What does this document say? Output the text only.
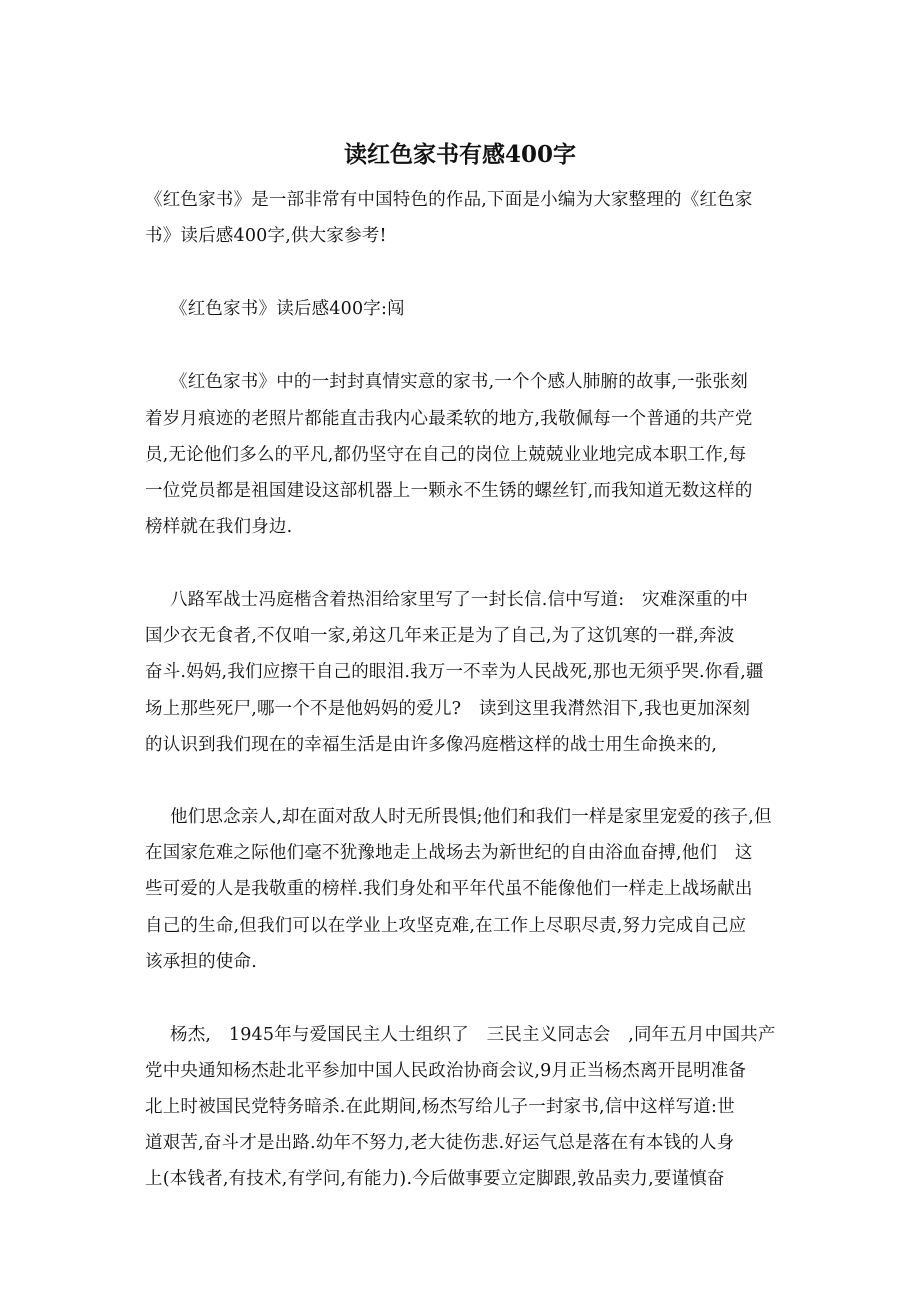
读红色家书有感400字
《红色家书》是一部非常有中国特色的作品,下面是小编为大家整理的《红色家
书》读后感400字,供大家参考!
《红色家书》读后感400字:闯
《红色家书》中的一封封真情实意的家书,一个个感人肺腑的故事,一张张刻
着岁月痕迹的老照片都能直击我内心最柔软的地方,我敬佩每一个普通的共产党
员,无论他们多么的平凡,都仍坚守在自己的岗位上兢兢业业地完成本职工作,每
一位党员都是祖国建设这部机器上一颗永不生锈的螺丝钉,而我知道无数这样的
榜样就在我们身边.
八路军战士冯庭楷含着热泪给家里写了一封长信.信中写道:　灾难深重的中
国少衣无食者,不仅咱一家,弟这几年来正是为了自己,为了这饥寒的一群,奔波
奋斗.妈妈,我们应擦干自己的眼泪.我万一不幸为人民战死,那也无须乎哭.你看,疆
场上那些死尸,哪一个不是他妈妈的爱儿?　读到这里我潸然泪下,我也更加深刻
的认识到我们现在的幸福生活是由许多像冯庭楷这样的战士用生命换来的,
他们思念亲人,却在面对敌人时无所畏惧;他们和我们一样是家里宠爱的孩子,但
在国家危难之际他们毫不犹豫地走上战场去为新世纪的自由浴血奋搏,他们　这
些可爱的人是我敬重的榜样.我们身处和平年代虽不能像他们一样走上战场献出
自己的生命,但我们可以在学业上攻坚克难,在工作上尽职尽责,努力完成自己应
该承担的使命.
杨杰,　1945年与爱国民主人士组织了　三民主义同志会　,同年五月中国共产
党中央通知杨杰赴北平参加中国人民政治协商会议,9月正当杨杰离开昆明准备
北上时被国民党特务暗杀.在此期间,杨杰写给儿子一封家书,信中这样写道:世
道艰苦,奋斗才是出路.幼年不努力,老大徒伤悲.好运气总是落在有本钱的人身
上(本钱者,有技术,有学问,有能力).今后做事要立定脚跟,敦品卖力,要谨慎奋
